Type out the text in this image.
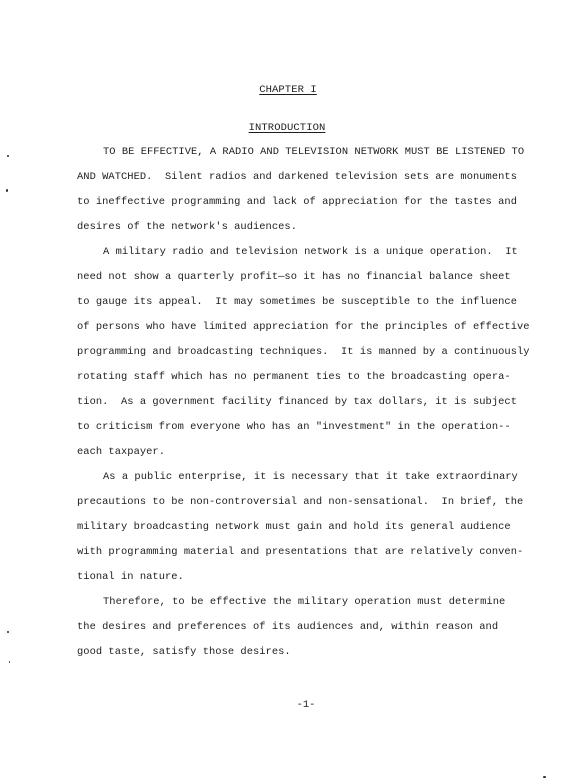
CHAPTER I
INTRODUCTION
TO BE EFFECTIVE, A RADIO AND TELEVISION NETWORK MUST BE LISTENED TO
AND WATCHED.  Silent radios and darkened television sets are monuments
to ineffective programming and lack of appreciation for the tastes and
desires of the network's audiences.
A military radio and television network is a unique operation.  It
need not show a quarterly profit—so it has no financial balance sheet
to gauge its appeal.  It may sometimes be susceptible to the influence
of persons who have limited appreciation for the principles of effective
programming and broadcasting techniques.  It is manned by a continuously
rotating staff which has no permanent ties to the broadcasting opera-
tion.  As a government facility financed by tax dollars, it is subject
to criticism from everyone who has an "investment" in the operation--
each taxpayer.
As a public enterprise, it is necessary that it take extraordinary
precautions to be non-controversial and non-sensational.  In brief, the
military broadcasting network must gain and hold its general audience
with programming material and presentations that are relatively conven-
tional in nature.
Therefore, to be effective the military operation must determine
the desires and preferences of its audiences and, within reason and
good taste, satisfy those desires.
-1-
